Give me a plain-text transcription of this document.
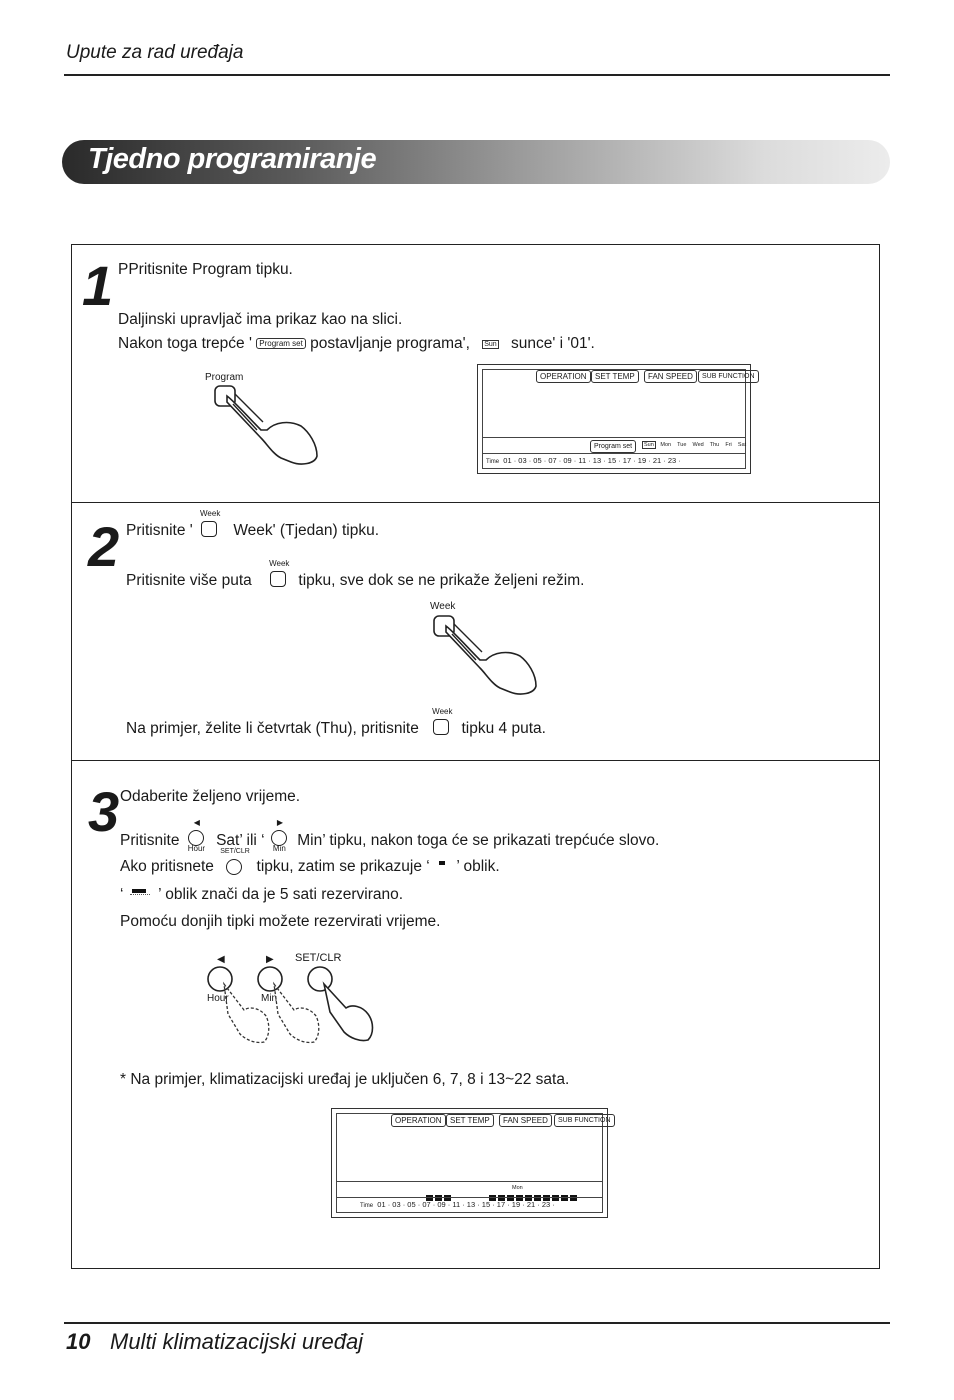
Upute za rad uređaja
Tjedno programiranje
1 PPritisnite Program tipku.
Daljinski upravljač ima prikaz kao na slici.
Nakon toga trepće ' Program set postavljanje programa', Sun sunce' i '01'.
Program	OPERATION	SET TEMP	FAN SPEED	SUB FUNCTION
Program set	Sun Mon Tue Wed Thu Fri Sat
Time 01 · 03 · 05 · 07 · 09 · 11 · 13 · 15 · 17 · 19 · 21 · 23 ·
2 Pritisnite '
Week
Week' (Tjedan) tipku.
Pritisnite više puta
Week
tipku, sve dok se ne prikaže željeni režim.
Week
Na primjer, želite li četvrtak (Thu), pritisnite
Week
tipku 4 puta.
3 Odaberite željeno vrijeme.
Pritisnite
◀
Hour Sat’ ili ‘
▶
Min Min’ tipku, nakon toga će se prikazati trepćuće slovo.
Ako pritisnete
SET/CLR
tipku, zatim se prikazuje ‘ ’ oblik.
‘ ’ oblik znači da je 5 sati rezervirano.
Pomoću donjih tipki možete rezervirati vrijeme.
◀	▶ SET/CLR
Hour	Min
* Na primjer, klimatizacijski uređaj je uključen 6, 7, 8 i 13~22 sata.
OPERATION	SET TEMP	FAN SPEED	SUB FUNCTION
Mon
Time 01 · 03 · 05 · 07 · 09 · 11 · 13 · 15 · 17 · 19 · 21 · 23 ·
10 Multi klimatizacijski uređaj
